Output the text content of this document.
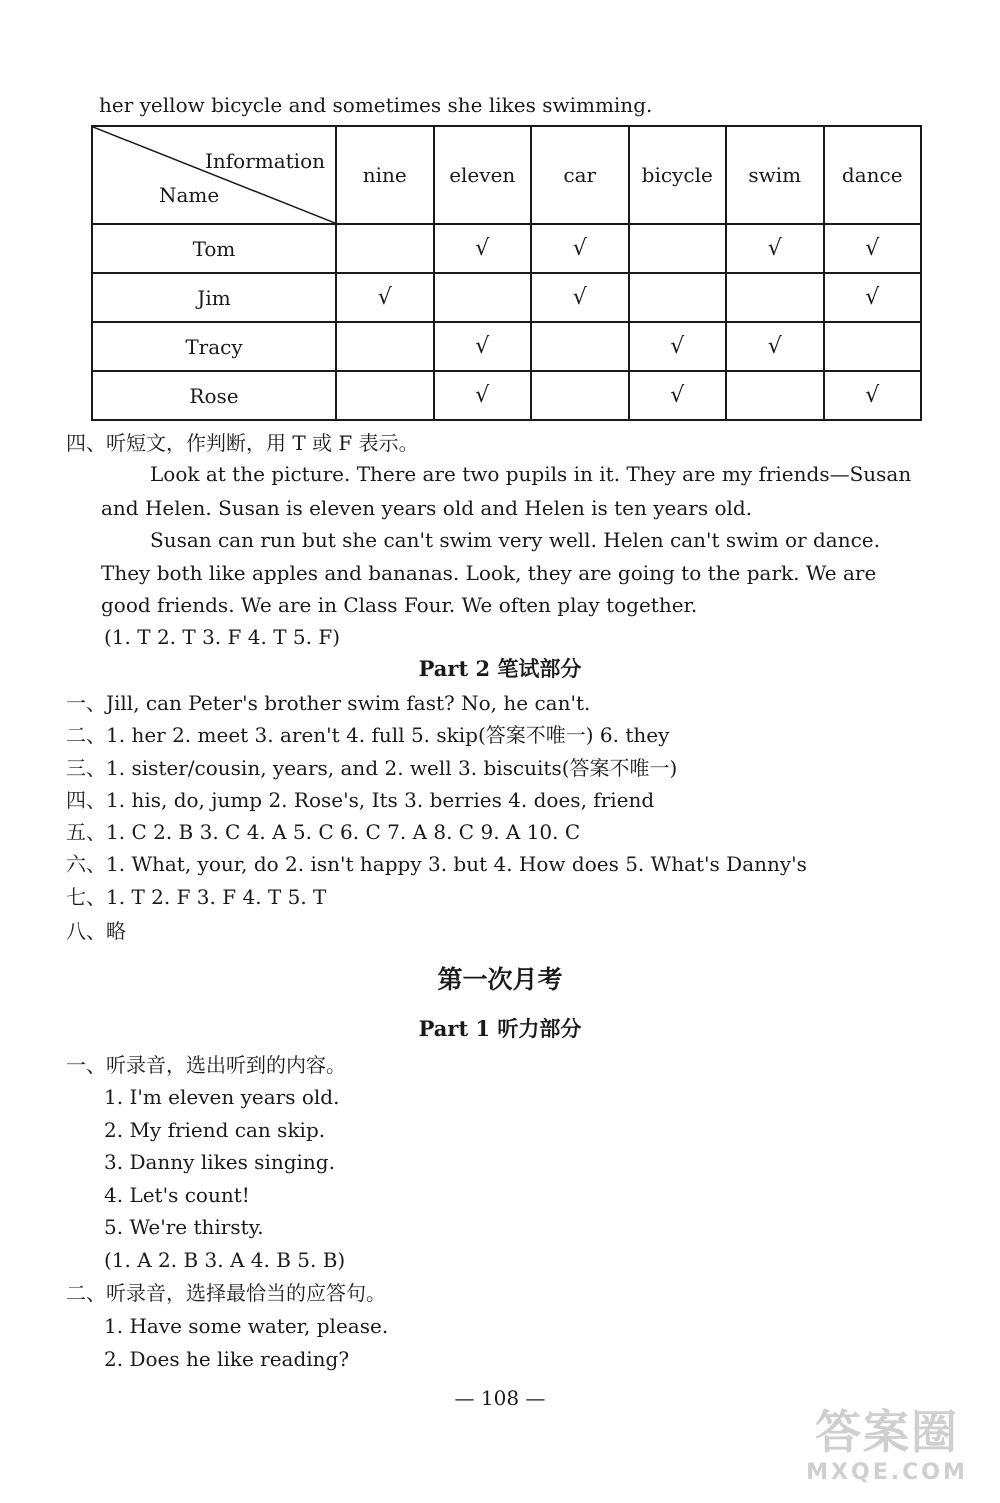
her yellow bicycle and sometimes she likes swimming.
Information
Name	nine	eleven	car	bicycle	swim	dance
Tom		√	√		√	√
Jim	√		√			√
Tracy		√		√	√	
Rose		√		√		√
四、听短文，作判断，用 T 或 F 表示。
Look at the picture. There are two pupils in it. They are my friends—Susan
and Helen. Susan is eleven years old and Helen is ten years old.
Susan can run but she can't swim very well. Helen can't swim or dance.
They both like apples and bananas. Look, they are going to the park. We are
good friends. We are in Class Four. We often play together.
(1. T 2. T 3. F 4. T 5. F)
Part 2 笔试部分
一、Jill, can Peter's brother swim fast? No, he can't.
二、1. her 2. meet 3. aren't 4. full 5. skip(答案不唯一) 6. they
三、1. sister/cousin, years, and 2. well 3. biscuits(答案不唯一)
四、1. his, do, jump 2. Rose's, Its 3. berries 4. does, friend
五、1. C 2. B 3. C 4. A 5. C 6. C 7. A 8. C 9. A 10. C
六、1. What, your, do 2. isn't happy 3. but 4. How does 5. What's Danny's
七、1. T 2. F 3. F 4. T 5. T
八、略
第一次月考
Part 1 听力部分
一、听录音，选出听到的内容。
1. I'm eleven years old.
2. My friend can skip.
3. Danny likes singing.
4. Let's count!
5. We're thirsty.
(1. A 2. B 3. A 4. B 5. B)
二、听录音，选择最恰当的应答句。
1. Have some water, please.
2. Does he like reading?
— 108 —
答案圈
MXQE.COM
